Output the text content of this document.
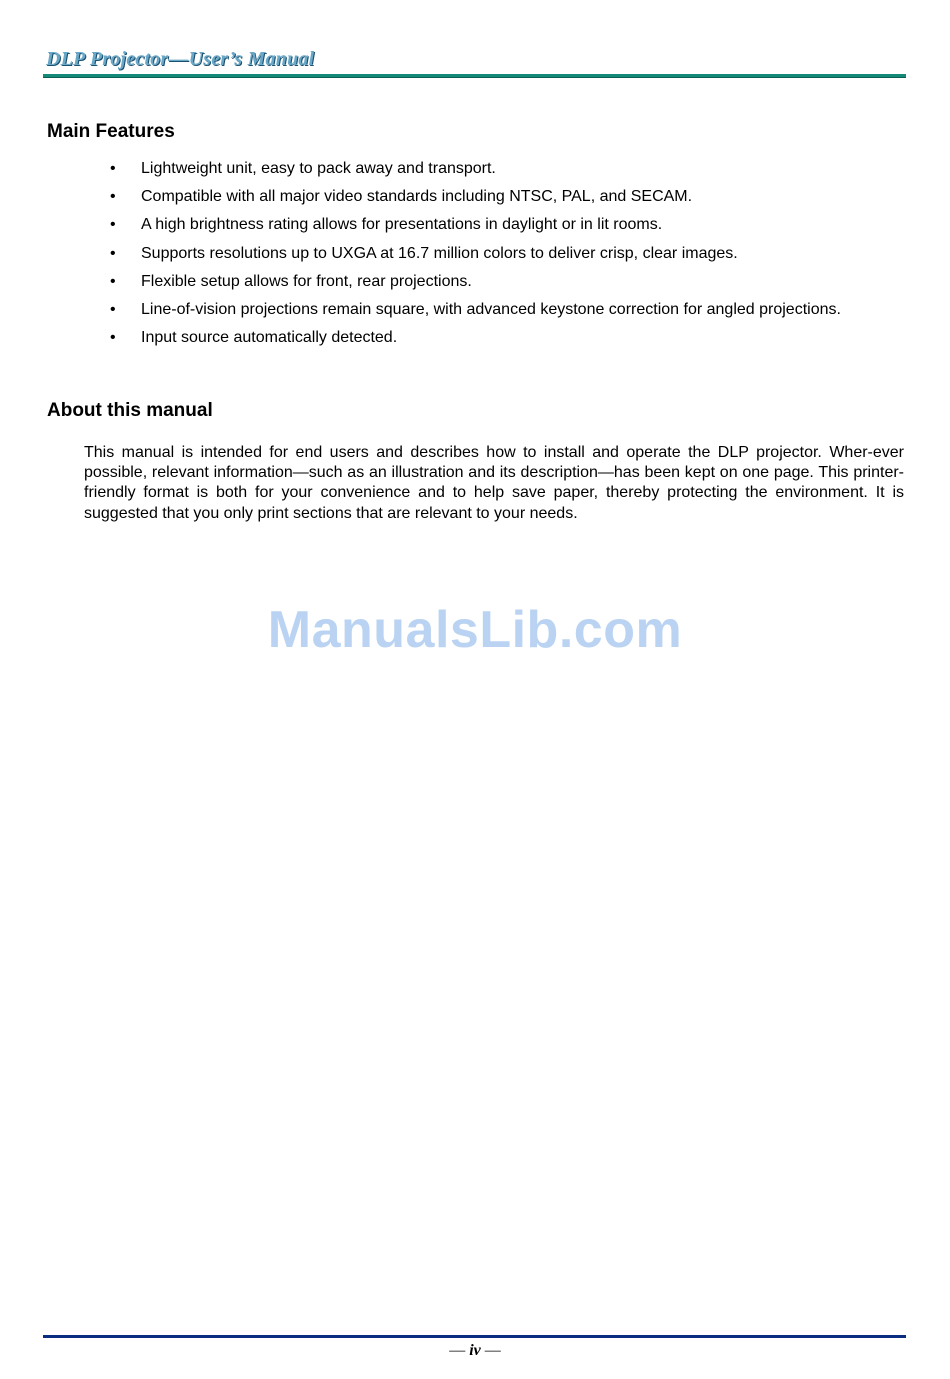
DLP Projector—User’s Manual
Main Features
• Lightweight unit, easy to pack away and transport.
• Compatible with all major video standards including NTSC, PAL, and SECAM.
• A high brightness rating allows for presentations in daylight or in lit rooms.
• Supports resolutions up to UXGA at 16.7 million colors to deliver crisp, clear images.
• Flexible setup allows for front, rear projections.
• Line-of-vision projections remain square, with advanced keystone correction for angled projections.
• Input source automatically detected.
About this manual

This manual is intended for end users and describes how to install and operate the DLP projector. Wher-ever possible, relevant information—such as an illustration and its description—has been kept on one page. This printer-friendly format is both for your convenience and to help save paper, thereby protecting the environment. It is suggested that you only print sections that are relevant to your needs.

ManualsLib.com
— iv —
